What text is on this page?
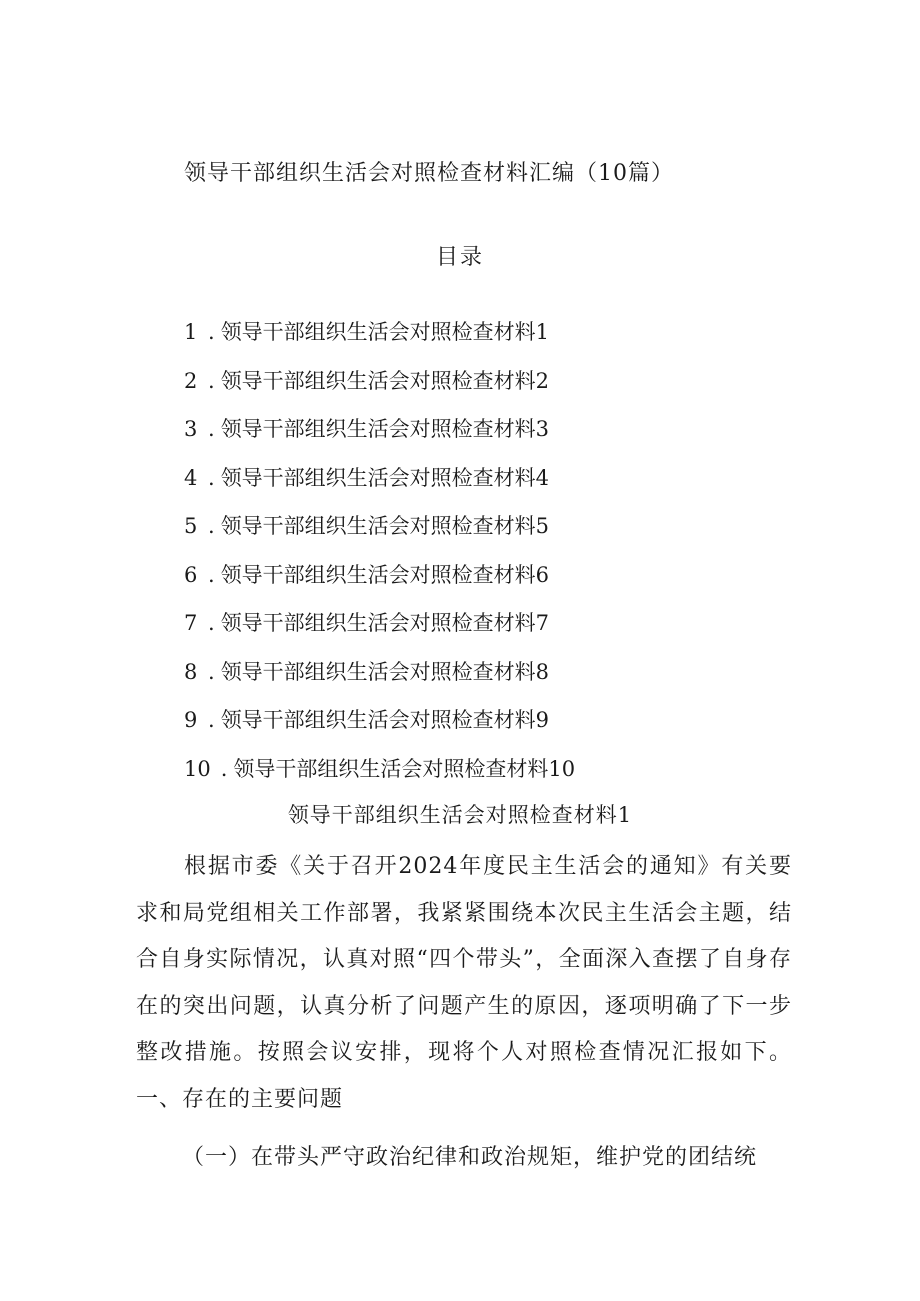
领导干部组织生活会对照检查材料汇编（10篇）
目录
1 . 领导干部组织生活会对照检查材料1
2 . 领导干部组织生活会对照检查材料2
3 . 领导干部组织生活会对照检查材料3
4 . 领导干部组织生活会对照检查材料4
5 . 领导干部组织生活会对照检查材料5
6 . 领导干部组织生活会对照检查材料6
7 . 领导干部组织生活会对照检查材料7
8 . 领导干部组织生活会对照检查材料8
9 . 领导干部组织生活会对照检查材料9
10 . 领导干部组织生活会对照检查材料10
领导干部组织生活会对照检查材料1

根据市委《关于召开2024年度民主生活会的通知》有关要求和局党组相关工作部署，我紧紧围绕本次民主生活会主题，结合自身实际情况，认真对照“四个带头”，全面深入查摆了自身存在的突出问题，认真分析了问题产生的原因，逐项明确了下一步整改措施。按照会议安排，现将个人对照检查情况汇报如下。一、存在的主要问题

（一）在带头严守政治纪律和政治规矩，维护党的团结统
